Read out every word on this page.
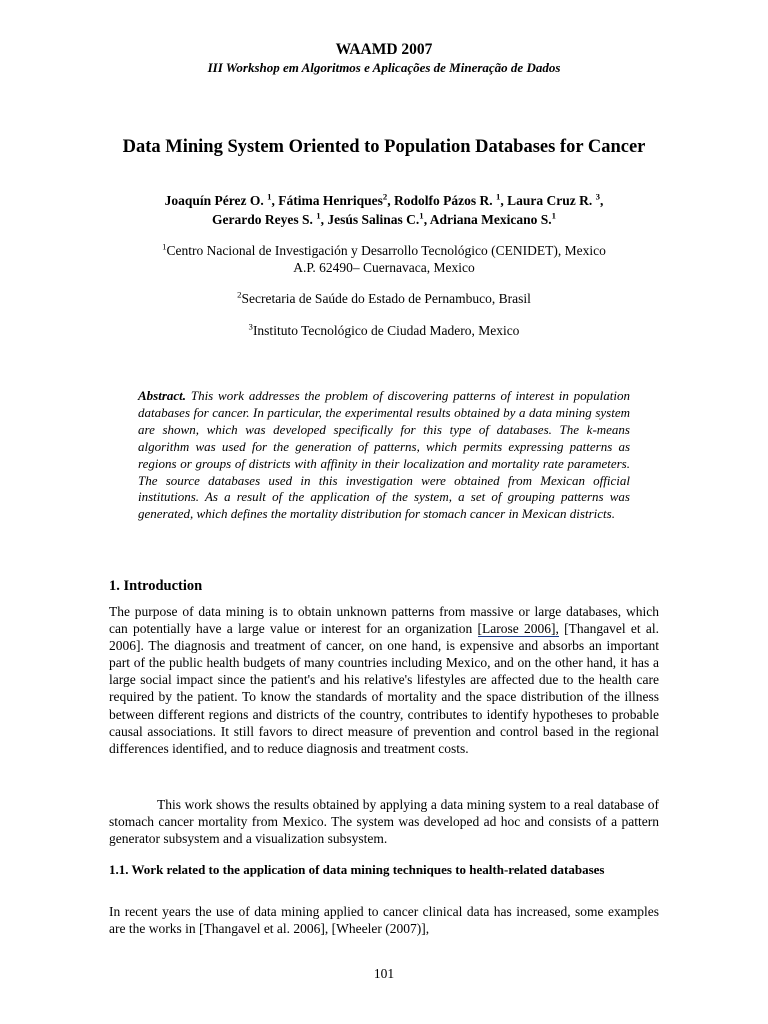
WAAMD 2007
III Workshop em Algoritmos e Aplicações de Mineração de Dados
Data Mining System Oriented to Population Databases for Cancer
Joaquín Pérez O. $^1$, Fátima Henriques$^2$, Rodolfo Pázos R. $^1$, Laura Cruz R. $^3$,
Gerardo Reyes S. $^1$, Jesús Salinas C.$^1$, Adriana Mexicano S.$^1$
$^1$Centro Nacional de Investigación y Desarrollo Tecnológico (CENIDET), Mexico
A.P. 62490– Cuernavaca, Mexico
$^2$Secretaria de Saúde do Estado de Pernambuco, Brasil
$^3$Instituto Tecnológico de Ciudad Madero, Mexico
Abstract. This work addresses the problem of discovering patterns of interest in population databases for cancer. In particular, the experimental results obtained by a data mining system are shown, which was developed specifically for this type of databases. The k-means algorithm was used for the generation of patterns, which permits expressing patterns as regions or groups of districts with affinity in their localization and mortality rate parameters. The source databases used in this investigation were obtained from Mexican official institutions. As a result of the application of the system, a set of grouping patterns was generated, which defines the mortality distribution for stomach cancer in Mexican districts.
1. Introduction
The purpose of data mining is to obtain unknown patterns from massive or large databases, which can potentially have a large value or interest for an organization [Larose 2006], [Thangavel et al. 2006]. The diagnosis and treatment of cancer, on one hand, is expensive and absorbs an important part of the public health budgets of many countries including Mexico, and on the other hand, it has a large social impact since the patient's and his relative's lifestyles are affected due to the health care required by the patient. To know the standards of mortality and the space distribution of the illness between different regions and districts of the country, contributes to identify hypotheses to probable causal associations. It still favors to direct measure of prevention and control based in the regional differences identified, and to reduce diagnosis and treatment costs.
This work shows the results obtained by applying a data mining system to a real database of stomach cancer mortality from Mexico. The system was developed ad hoc and consists of a pattern generator subsystem and a visualization subsystem.
1.1. Work related to the application of data mining techniques to health-related databases
In recent years the use of data mining applied to cancer clinical data has increased, some examples are the works in [Thangavel et al. 2006], [Wheeler (2007)],
101
